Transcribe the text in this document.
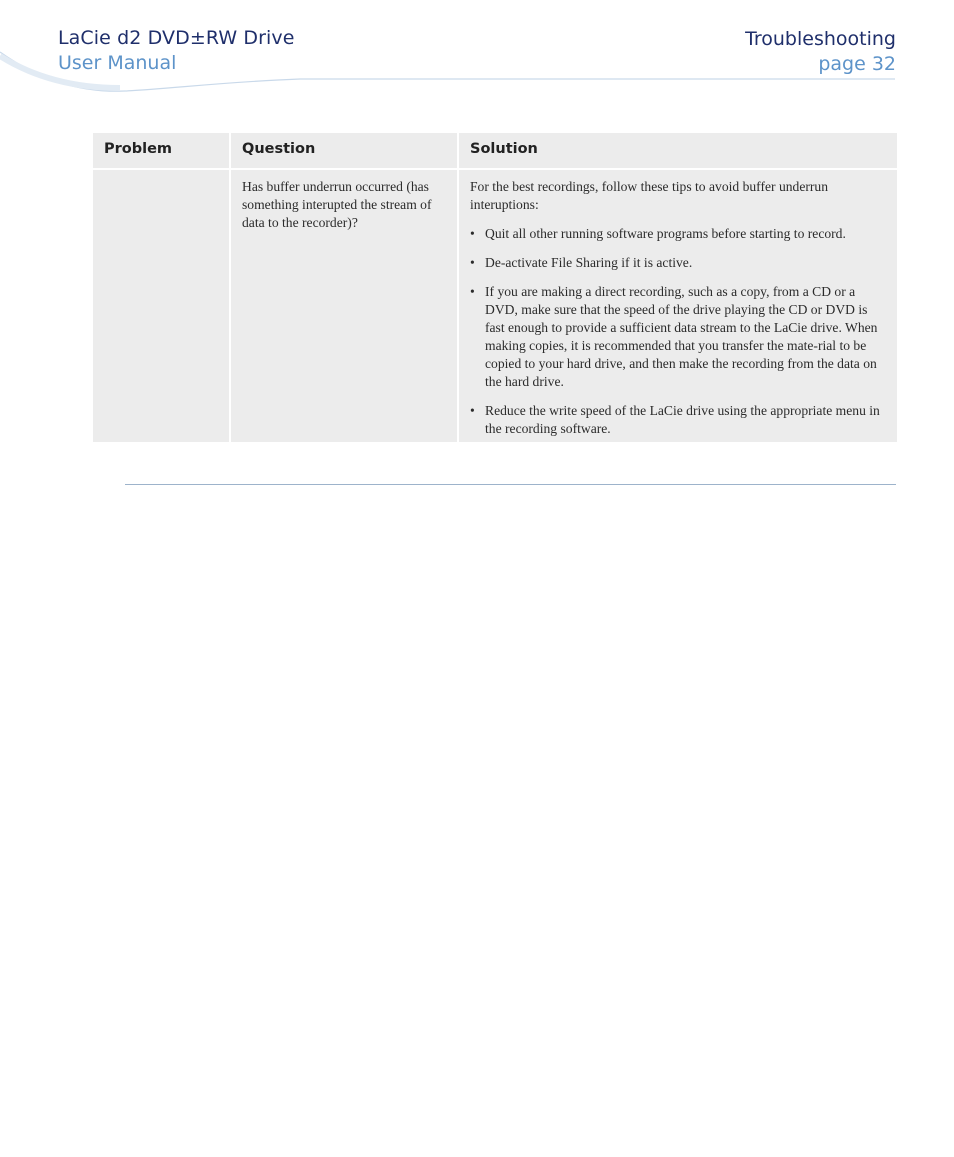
LaCie d2 DVD±RW Drive
User Manual
Troubleshooting
page 32
Problem	Question	Solution

Has buffer underrun occurred (has something interupted the stream of data to the recorder)?

For the best recordings, follow these tips to avoid buffer underrun interuptions:

• Quit all other running software programs before starting to record.
• De-activate File Sharing if it is active.
• If you are making a direct recording, such as a copy, from a CD or a DVD, make sure that the speed of the drive playing the CD or DVD is fast enough to provide a sufficient data stream to the LaCie drive. When making copies, it is recommended that you transfer the mate-rial to be copied to your hard drive, and then make the recording from the data on the hard drive.
• Reduce the write speed of the LaCie drive using the appropriate menu in the recording software.
